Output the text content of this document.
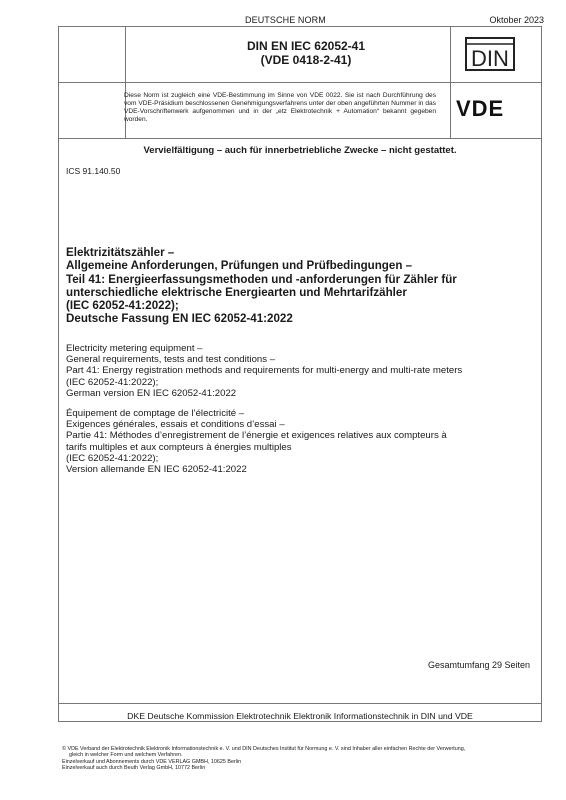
DEUTSCHE NORM	Oktober 2023
DIN EN IEC 62052-41
(VDE 0418-2-41)	DIN
Diese Norm ist zugleich eine VDE-Bestimmung im Sinne von VDE 0022. Sie ist nach Durchführung des vom VDE-Präsidium beschlossenen Genehmigungsverfahrens unter der oben angeführten Nummer in das VDE-Vorschriftenwerk aufgenommen und in der „etz Elektrotechnik + Automation“ bekannt gegeben worden.	VDE
Vervielfältigung – auch für innerbetriebliche Zwecke – nicht gestattet.
ICS 91.140.50
Elektrizitätszähler –
Allgemeine Anforderungen, Prüfungen und Prüfbedingungen –
Teil 41: Energieerfassungsmethoden und -anforderungen für Zähler für
unterschiedliche elektrische Energiearten und Mehrtarifzähler
(IEC 62052-41:2022);
Deutsche Fassung EN IEC 62052-41:2022
Electricity metering equipment –
General requirements, tests and test conditions –
Part 41: Energy registration methods and requirements for multi-energy and multi-rate meters
(IEC 62052-41:2022);
German version EN IEC 62052-41:2022
Équipement de comptage de l’électricité –
Exigences générales, essais et conditions d’essai –
Partie 41: Méthodes d’enregistrement de l’énergie et exigences relatives aux compteurs à
tarifs multiples et aux compteurs à énergies multiples
(IEC 62052-41:2022);
Version allemande EN IEC 62052-41:2022
Gesamtumfang 29 Seiten
DKE Deutsche Kommission Elektrotechnik Elektronik Informationstechnik in DIN und VDE
© VDE Verband der Elektrotechnik Elektronik Informationstechnik e. V. und DIN Deutsches Institut für Normung e. V. sind Inhaber aller einfachen Rechte der Verwertung,
gleich in welcher Form und welchem Verfahren.
Einzelverkauf und Abonnements durch VDE VERLAG GMBH, 10625 Berlin
Einzelverkauf auch durch Beuth Verlag GmbH, 10772 Berlin
